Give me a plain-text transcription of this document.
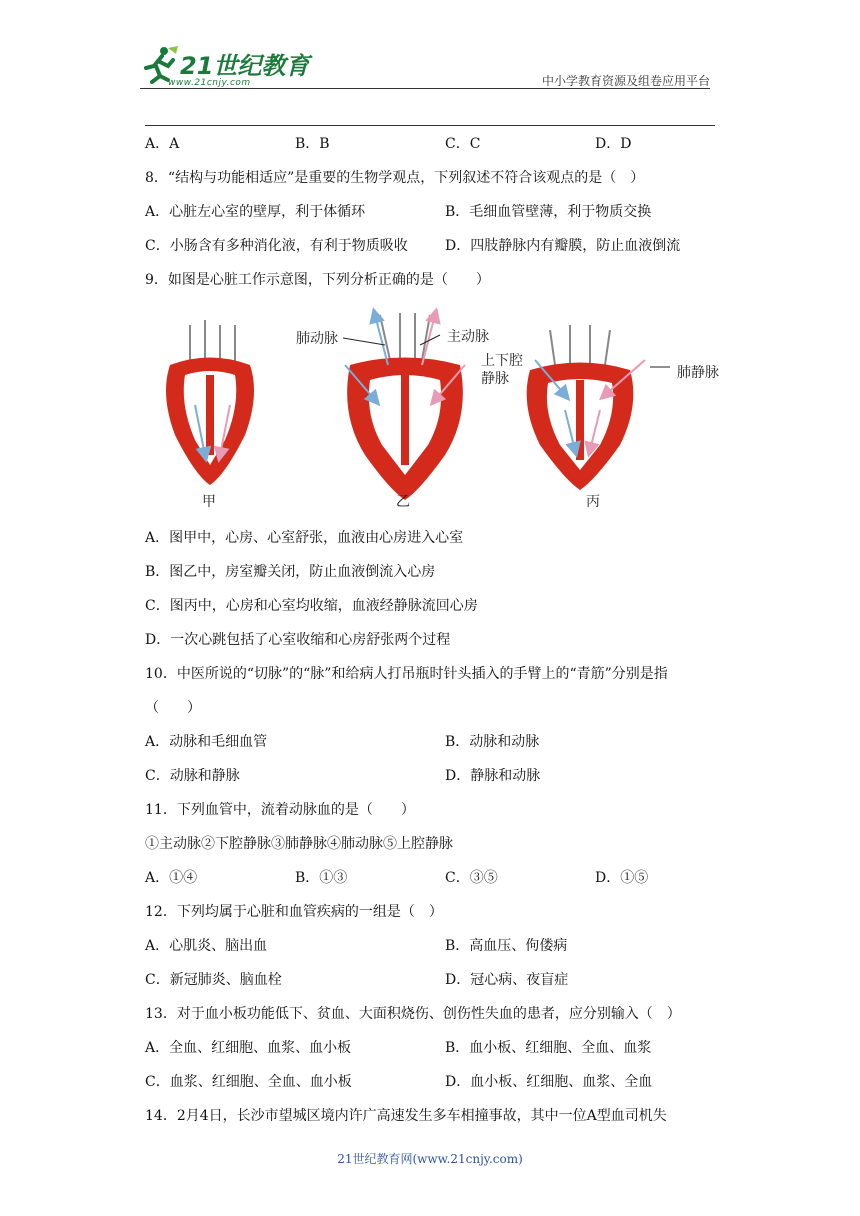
21世纪教育
www.21cnjy.com	中小学教育资源及组卷应用平台
A．A	B．B	C．C	D．D
8．“结构与功能相适应”是重要的生物学观点，下列叙述不符合该观点的是（　）
A．心脏左心室的壁厚，利于体循环	B．毛细血管壁薄，利于物质交换
C．小肠含有多种消化液，有利于物质吸收	D．四肢静脉内有瓣膜，防止血液倒流
9．如图是心脏工作示意图，下列分析正确的是（　　）
肺动脉	主动脉
上下腔
静脉	肺静脉
甲	乙	丙
A．图甲中，心房、心室舒张，血液由心房进入心室
B．图乙中，房室瓣关闭，防止血液倒流入心房
C．图丙中，心房和心室均收缩，血液经静脉流回心房
D．一次心跳包括了心室收缩和心房舒张两个过程
10．中医所说的“切脉”的“脉”和给病人打吊瓶时针头插入的手臂上的“青筋”分别是指
（　　）
A．动脉和毛细血管	B．动脉和动脉
C．动脉和静脉	D．静脉和动脉
11．下列血管中，流着动脉血的是（　　）
①主动脉②下腔静脉③肺静脉④肺动脉⑤上腔静脉
A．①④	B．①③	C．③⑤	D．①⑤
12．下列均属于心脏和血管疾病的一组是（　）
A．心肌炎、脑出血	B．高血压、佝偻病
C．新冠肺炎、脑血栓	D．冠心病、夜盲症
13．对于血小板功能低下、贫血、大面积烧伤、创伤性失血的患者，应分别输入（　）
A．全血、红细胞、血浆、血小板	B．血小板、红细胞、全血、血浆
C．血浆、红细胞、全血、血小板	D．血小板、红细胞、血浆、全血
14．2月4日，长沙市望城区境内许广高速发生多车相撞事故，其中一位A型血司机失
21世纪教育网(www.21cnjy.com)
